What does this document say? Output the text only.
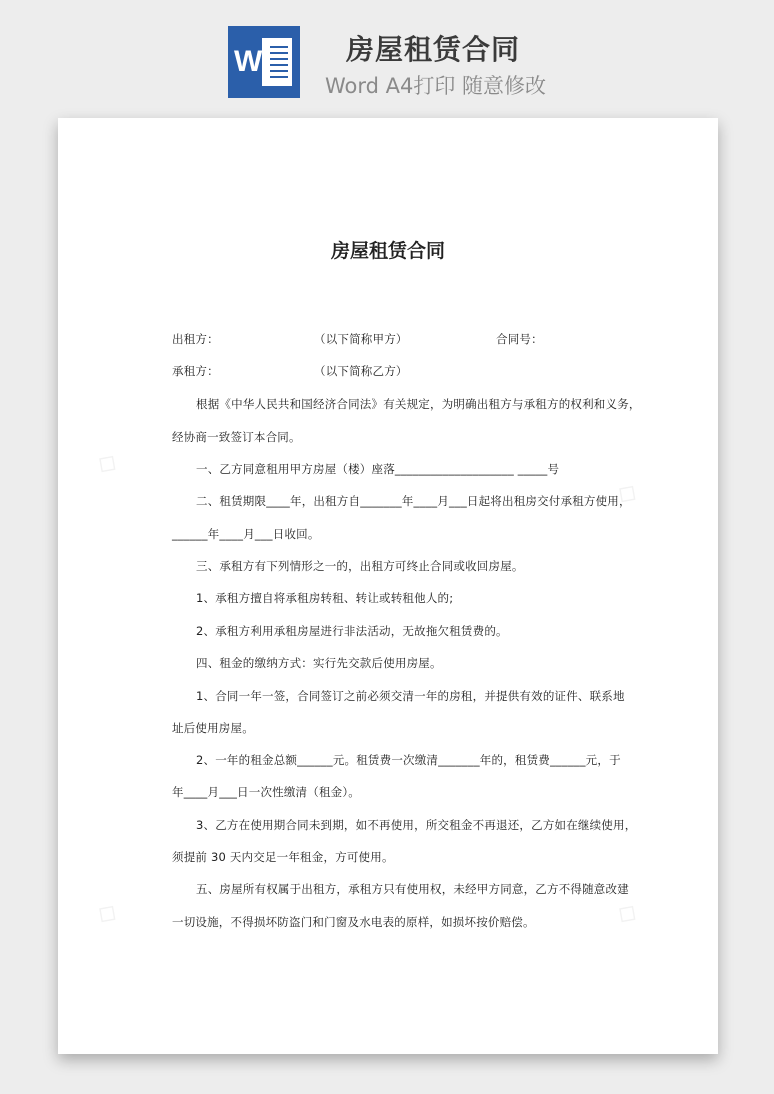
W	房屋租赁合同
Word A4打印 随意修改
◇
◇
◇	◇
房屋租赁合同
出租方：	（以下简称甲方）	合同号：
承租方：	（以下简称乙方）
根据《中华人民共和国经济合同法》有关规定，为明确出租方与承租方的权利和义务，
经协商一致签订本合同。
一、乙方同意租用甲方房屋（楼）座落____________________ _____号
二、租赁期限____年，出租方自_______年____月___日起将出租房交付承租方使用，
______年____月___日收回。
三、承租方有下列情形之一的，出租方可终止合同或收回房屋。
1、承租方擅自将承租房转租、转让或转租他人的;
2、承租方利用承租房屋进行非法活动，无故拖欠租赁费的。
四、租金的缴纳方式：实行先交款后使用房屋。
1、合同一年一签，合同签订之前必须交清一年的房租，并提供有效的证件、联系地
址后使用房屋。
2、一年的租金总额______元。租赁费一次缴清_______年的，租赁费______元，于
年____月___日一次性缴清（租金）。
3、乙方在使用期合同未到期，如不再使用，所交租金不再退还，乙方如在继续使用，
须提前 30 天内交足一年租金，方可使用。
五、房屋所有权属于出租方，承租方只有使用权，未经甲方同意，乙方不得随意改建
一切设施，不得损坏防盗门和门窗及水电表的原样，如损坏按价赔偿。
